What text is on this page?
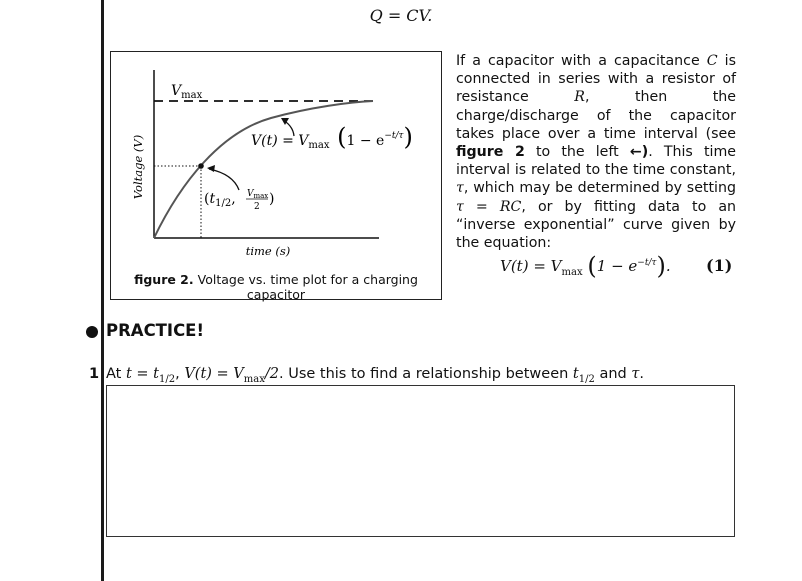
Q = CV.
Voltage (V)
time (s)
$V_{max}$
$V(t) = V_{max}$ $(1 - e^{-t/\tau})$
($t_{1/2}$, Vmax 2 )
figure 2. Voltage vs. time plot for a charging capacitor
If a capacitor with a capacitance C is connected in series with a resistor of resistance R, then the charge/discharge of the capacitor takes place over a time interval (see figure 2 to the left ←). This time interval is related to the time constant, τ, which may be determined by setting τ = RC, or by fitting data to an “inverse exponential” curve given by the equation:
$V(t) = V_{max}$ $(1 - e^{-t/\tau})$. (1)
PRACTICE!
1 At $t = t_{1/2}$, $V(t) = V_{max}/2$. Use this to find a relationship between $t_{1/2}$ and τ.
